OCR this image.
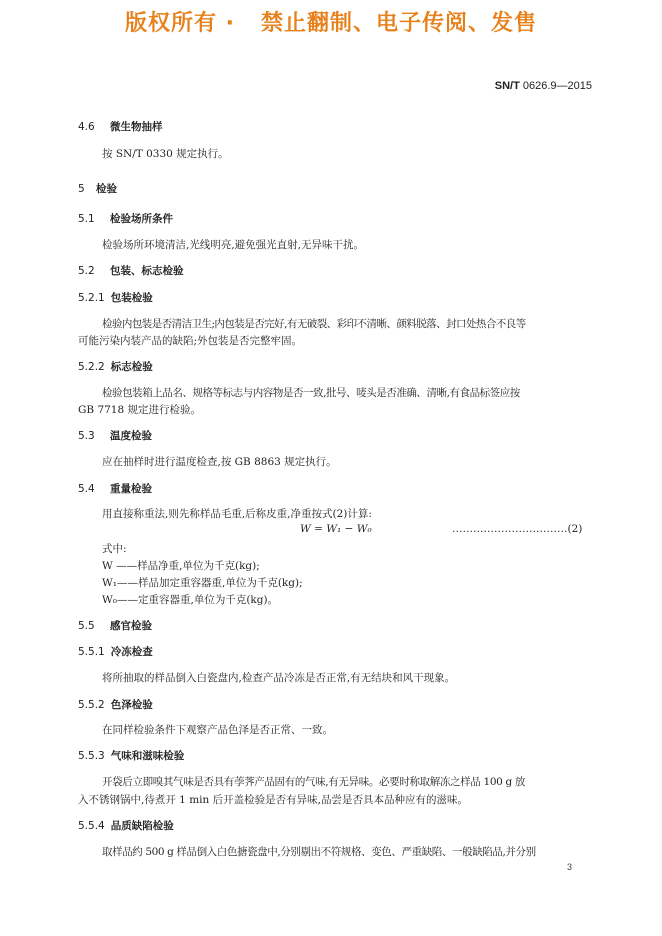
版权所有 ·   禁止翻制、电子传阅、发售
SN/T 0626.9—2015
4.6 微生物抽样
按 SN/T 0330 规定执行。
5 检验
5.1 检验场所条件
检验场所环境清洁,光线明亮,避免强光直射,无异味干扰。
5.2 包装、标志检验
5.2.1 包装检验
检验内包装是否清洁卫生;内包装是否完好,有无破裂、彩印不清晰、颜料脱落、封口处热合不良等
可能污染内装产品的缺陷;外包装是否完整牢固。
5.2.2 标志检验
检验包装箱上品名、规格等标志与内容物是否一致,批号、唛头是否准确、清晰,有食品标签应按
GB 7718 规定进行检验。
5.3 温度检验
应在抽样时进行温度检查,按 GB 8863 规定执行。
5.4 重量检验
用直接称重法,则先称样品毛重,后称皮重,净重按式(2)计算:
W = W₁ − W₀	……………………………(2)
式中:
W ——样品净重,单位为千克(kg);
W₁——样品加定重容器重,单位为千克(kg);
W₀——定重容器重,单位为千克(kg)。
5.5 感官检验
5.5.1 冷冻检查
将所抽取的样品倒入白瓷盘内,检查产品冷冻是否正常,有无结块和风干现象。
5.5.2 色泽检验
在同样检验条件下观察产品色泽是否正常、一致。
5.5.3 气味和滋味检验
开袋后立即嗅其气味是否具有荸荠产品固有的气味,有无异味。必要时称取解冻之样品 100 g 放
入不锈钢锅中,待煮开 1 min 后开盖检验是否有异味,品尝是否具本品种应有的滋味。
5.5.4 品质缺陷检验
取样品约 500 g 样品倒入白色搪瓷盘中,分别剔出不符规格、变色、严重缺陷、一般缺陷品,并分别
3
